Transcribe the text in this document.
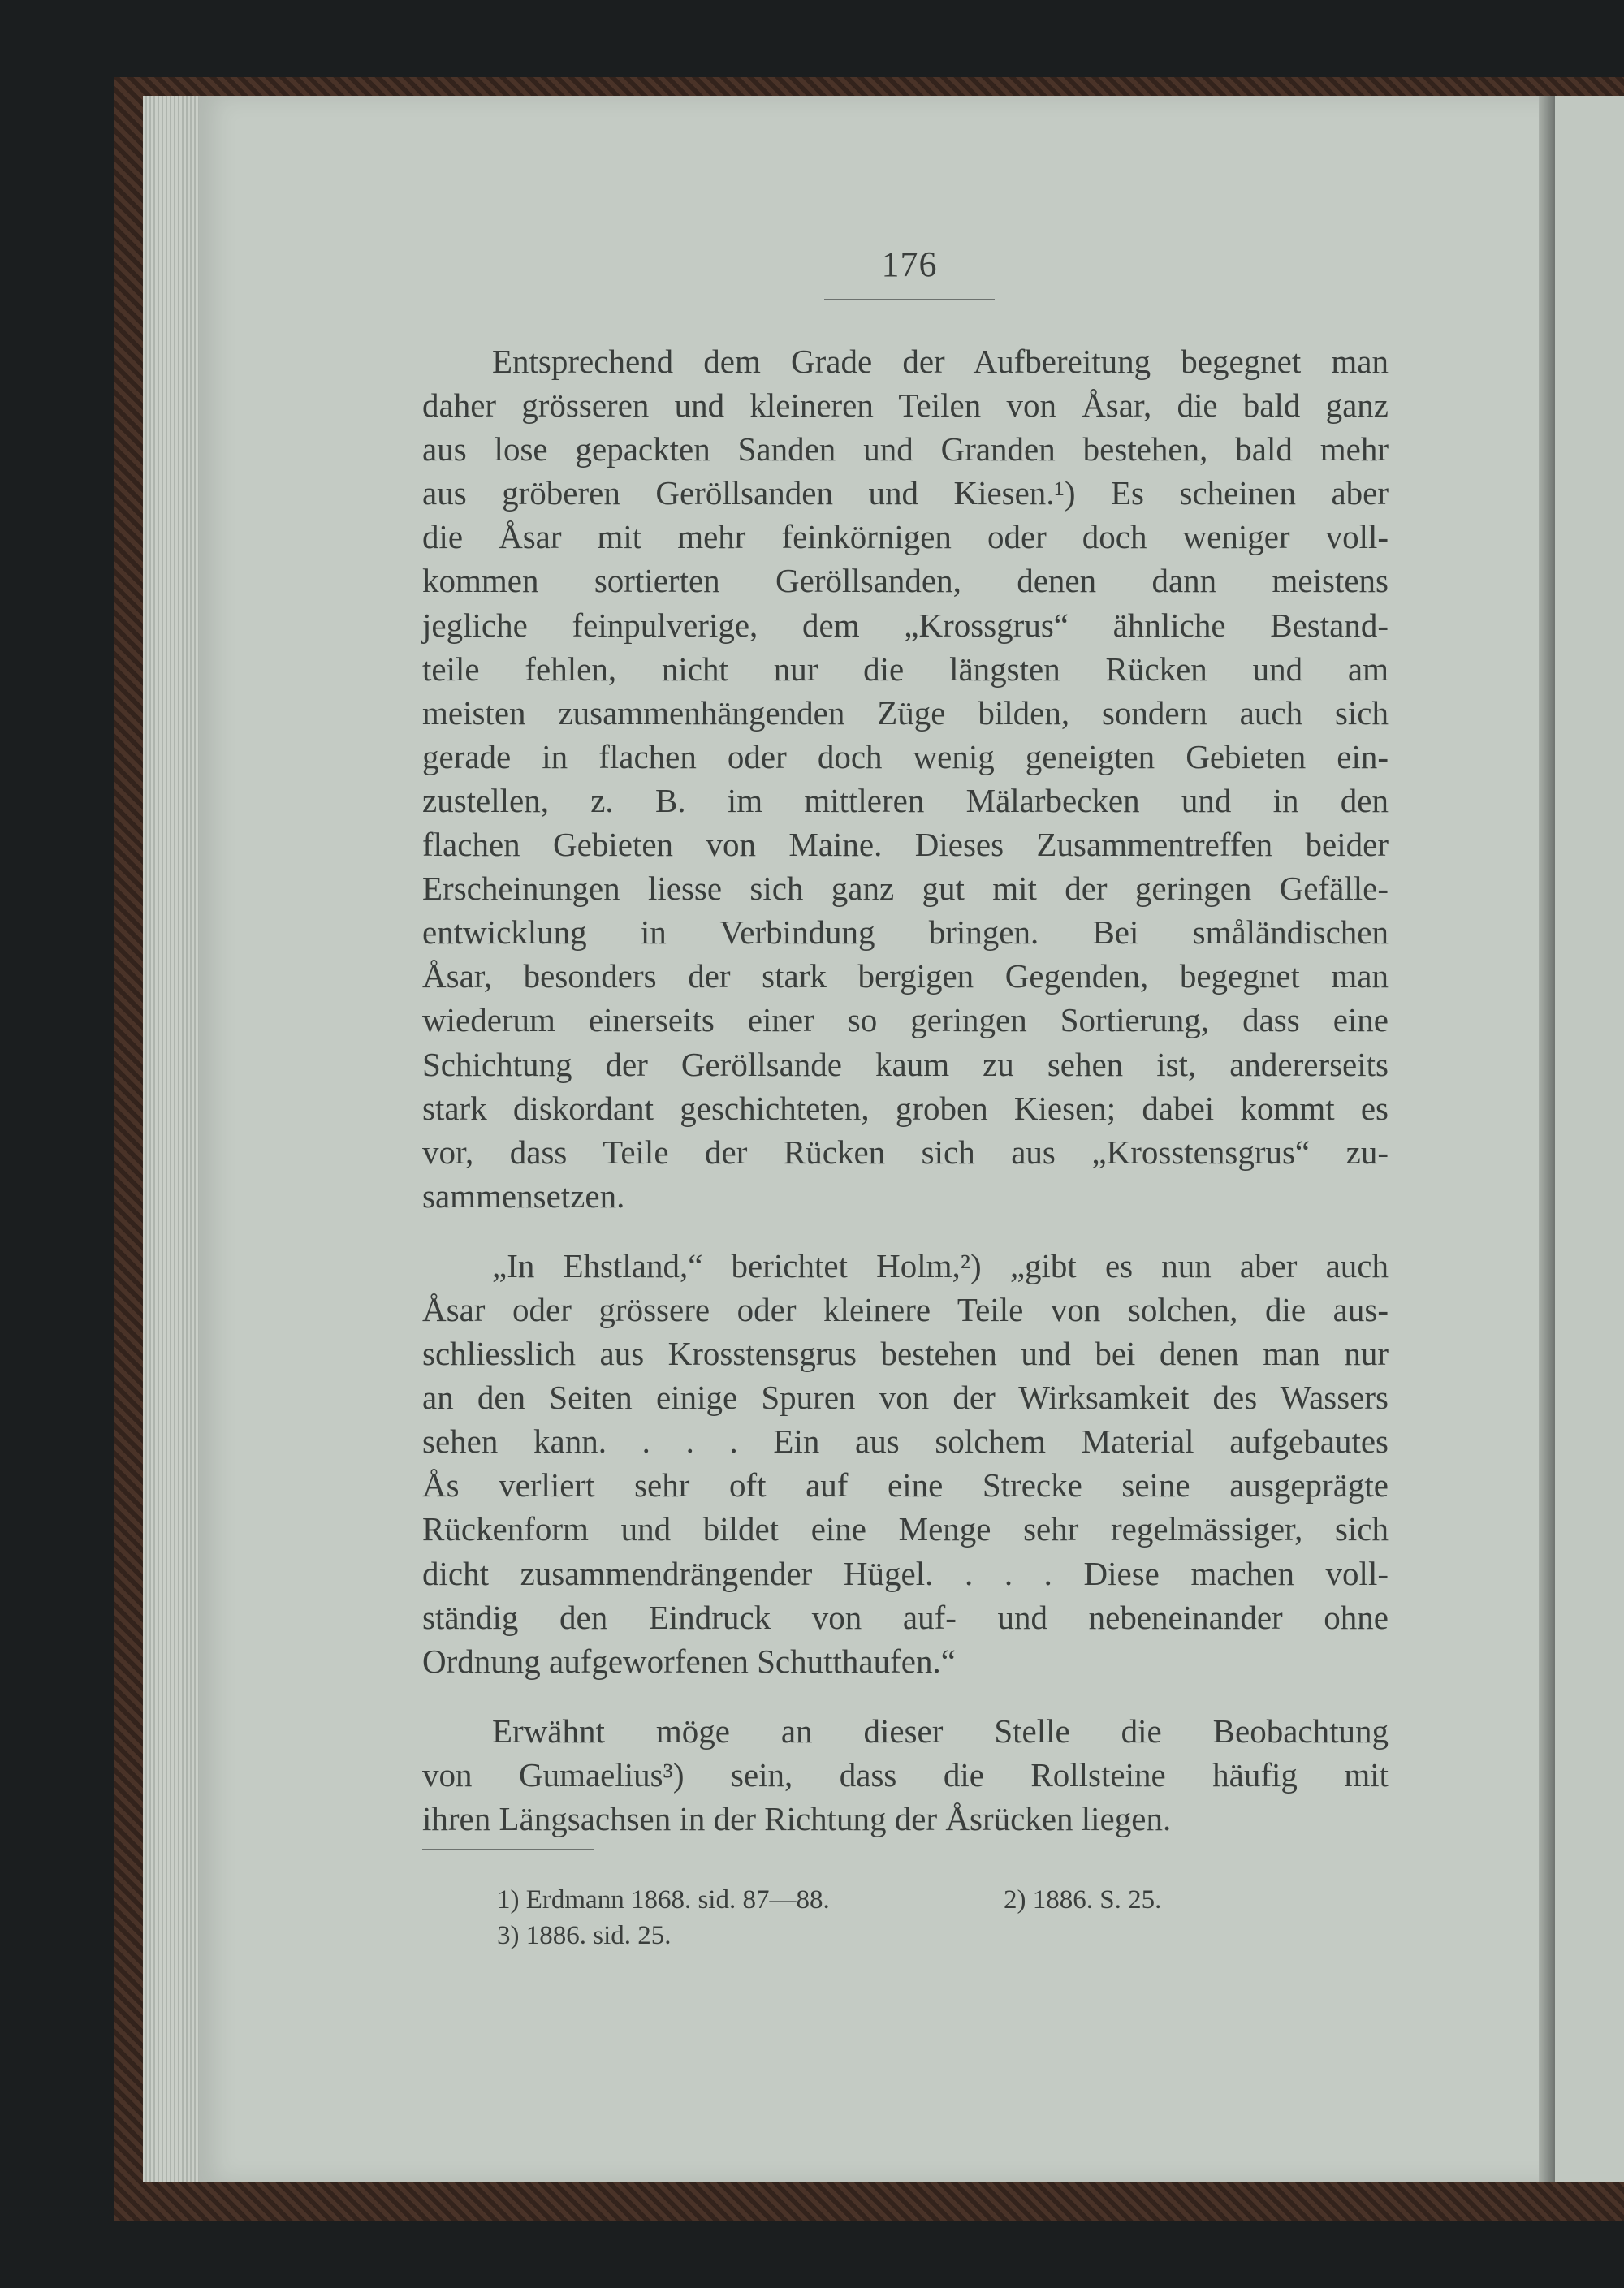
176
Entsprechend dem Grade der Aufbereitung begegnet man
daher grösseren und kleineren Teilen von Åsar, die bald ganz
aus lose gepackten Sanden und Granden bestehen, bald mehr
aus gröberen Geröllsanden und Kiesen.¹) Es scheinen aber
die Åsar mit mehr feinkörnigen oder doch weniger voll-
kommen sortierten Geröllsanden, denen dann meistens
jegliche feinpulverige, dem „Krossgrus“ ähnliche Bestand-
teile fehlen, nicht nur die längsten Rücken und am
meisten zusammenhängenden Züge bilden, sondern auch sich
gerade in flachen oder doch wenig geneigten Gebieten ein-
zustellen, z. B. im mittleren Mälarbecken und in den
flachen Gebieten von Maine. Dieses Zusammentreffen beider
Erscheinungen liesse sich ganz gut mit der geringen Gefälle-
entwicklung in Verbindung bringen. Bei småländischen
Åsar, besonders der stark bergigen Gegenden, begegnet man
wiederum einerseits einer so geringen Sortierung, dass eine
Schichtung der Geröllsande kaum zu sehen ist, andererseits
stark diskordant geschichteten, groben Kiesen; dabei kommt es
vor, dass Teile der Rücken sich aus „Krosstensgrus“ zu-
sammensetzen.
„In Ehstland,“ berichtet Holm,²) „gibt es nun aber auch
Åsar oder grössere oder kleinere Teile von solchen, die aus-
schliesslich aus Krosstensgrus bestehen und bei denen man nur
an den Seiten einige Spuren von der Wirksamkeit des Wassers
sehen kann. . . . Ein aus solchem Material aufgebautes
Ås verliert sehr oft auf eine Strecke seine ausgeprägte
Rückenform und bildet eine Menge sehr regelmässiger, sich
dicht zusammendrängender Hügel. . . . Diese machen voll-
ständig den Eindruck von auf- und nebeneinander ohne
Ordnung aufgeworfenen Schutthaufen.“
Erwähnt möge an dieser Stelle die Beobachtung
von Gumaelius³) sein, dass die Rollsteine häufig mit
ihren Längsachsen in der Richtung der Åsrücken liegen.
1) Erdmann 1868. sid. 87—88.	2) 1886. S. 25.
3) 1886. sid. 25.
